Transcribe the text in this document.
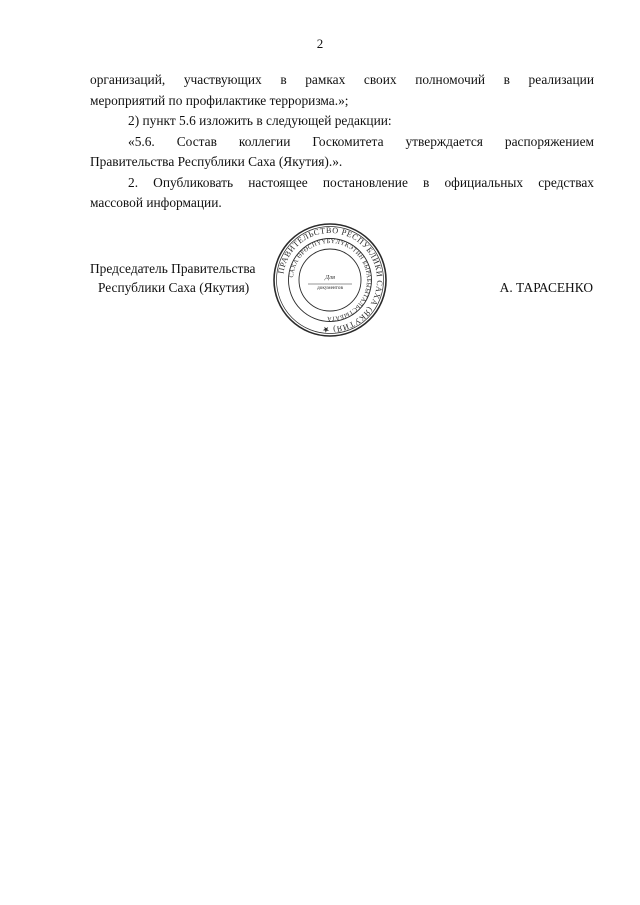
2

организаций, участвующих в рамках своих полномочий в реализации
мероприятий по профилактике терроризма.»;

2) пункт 5.6 изложить в следующей редакции:

«5.6. Состав коллегии Госкомитета утверждается распоряжением
Правительства Республики Саха (Якутия).».

2. Опубликовать настоящее постановление в официальных средствах
массовой информации.

Председатель Правительства
Республики Саха (Якутия)	А. ТАРАСЕНКО
ПРАВИТЕЛЬСТВО РЕСПУБЛИКИ САХА (ЯКУТИЯ) ★
САХА ӨРӨСПҮҮБҮЛҮКЭТИН БЫРАБЫЫТАЛЬСТЫБАТА
Для
документов
